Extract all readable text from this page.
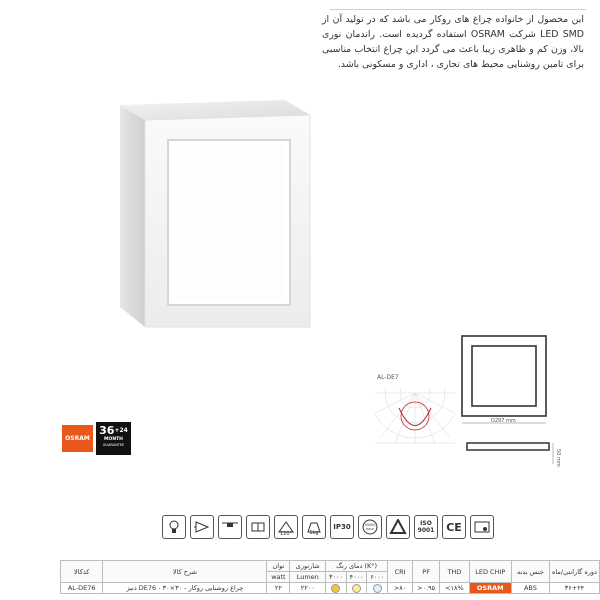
این محصول از خانواده چراغ های روکار می باشد که در تولید آن از LED SMD شرکت OSRAM استفاده گردیده است. راندمان نوری بالا، وزن کم و ظاهری زیبا باعث می گردد این چراغ انتخاب مناسبی برای تامین روشنایی محیط های تجاری ، اداری و مسکونی باشد.
AL-DE7
D297 mm
50 mm
OSRAM
$36^{+24}$
MONTH
GUARANTEE
120°	1kg
IP30	30000 hour
ISO 9001 CE
کدکالا	شرح کالا	توان	شارنوری	دمای رنگ (K°)			CRI	PF	THD	LED CHIP	جنس بدنه	دوره گارانتی/ماه
		watt	Lumen	۳۰۰۰	۴۰۰۰	۶۰۰۰						
AL-DE76	دنیز DE76 - چراغ روشنایی روکار - ۳۰×۳۰	۲۲	۲۲۰۰				>۸۰	>۰.۹۵	<۱۸%	OSRAM	ABS	۳۶+۲۴
